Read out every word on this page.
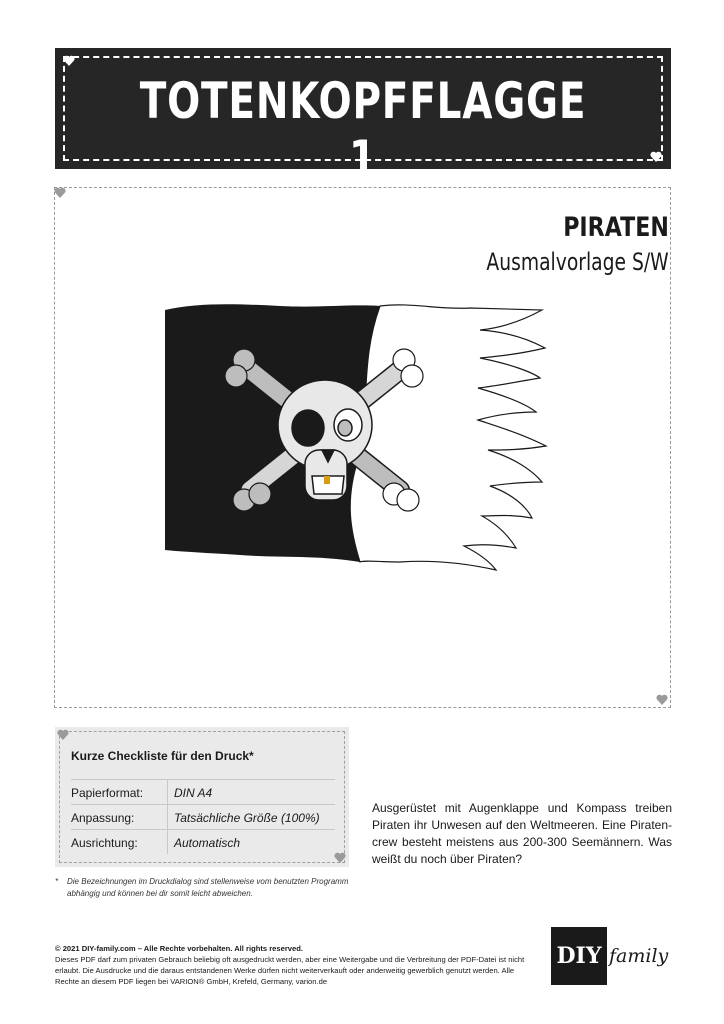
TOTENKOPFFLAGGE 1
PIRATEN
Ausmalvorlage S/W
Kurze Checkliste für den Druck*
Papierformat:	DIN A4
Anpassung:	Tatsächliche Größe (100%)
Ausrichtung:	Automatisch
*	Die Bezeichnungen im Druckdialog sind stellenweise vom benutzten Programm abhängig und können bei dir somit leicht abweichen.
Ausgerüstet mit Augenklappe und Kompass treiben Piraten ihr Unwesen auf den Weltmeeren. Eine Piraten-crew besteht meistens aus 200-300 Seemännern. Was weißt du noch über Piraten?
© 2021 DIY-family.com – Alle Rechte vorbehalten. All rights reserved.
Dieses PDF darf zum privaten Gebrauch beliebig oft ausgedruckt werden, aber eine Weitergabe und die Verbreitung der PDF-Datei ist nicht erlaubt. Die Ausdrucke und die daraus entstandenen Werke dürfen nicht weiterverkauft oder anderweitig gewerblich genutzt werden. Alle Rechte an diesem PDF liegen bei VARION® GmbH, Krefeld, Germany, varion.de
DIY family
